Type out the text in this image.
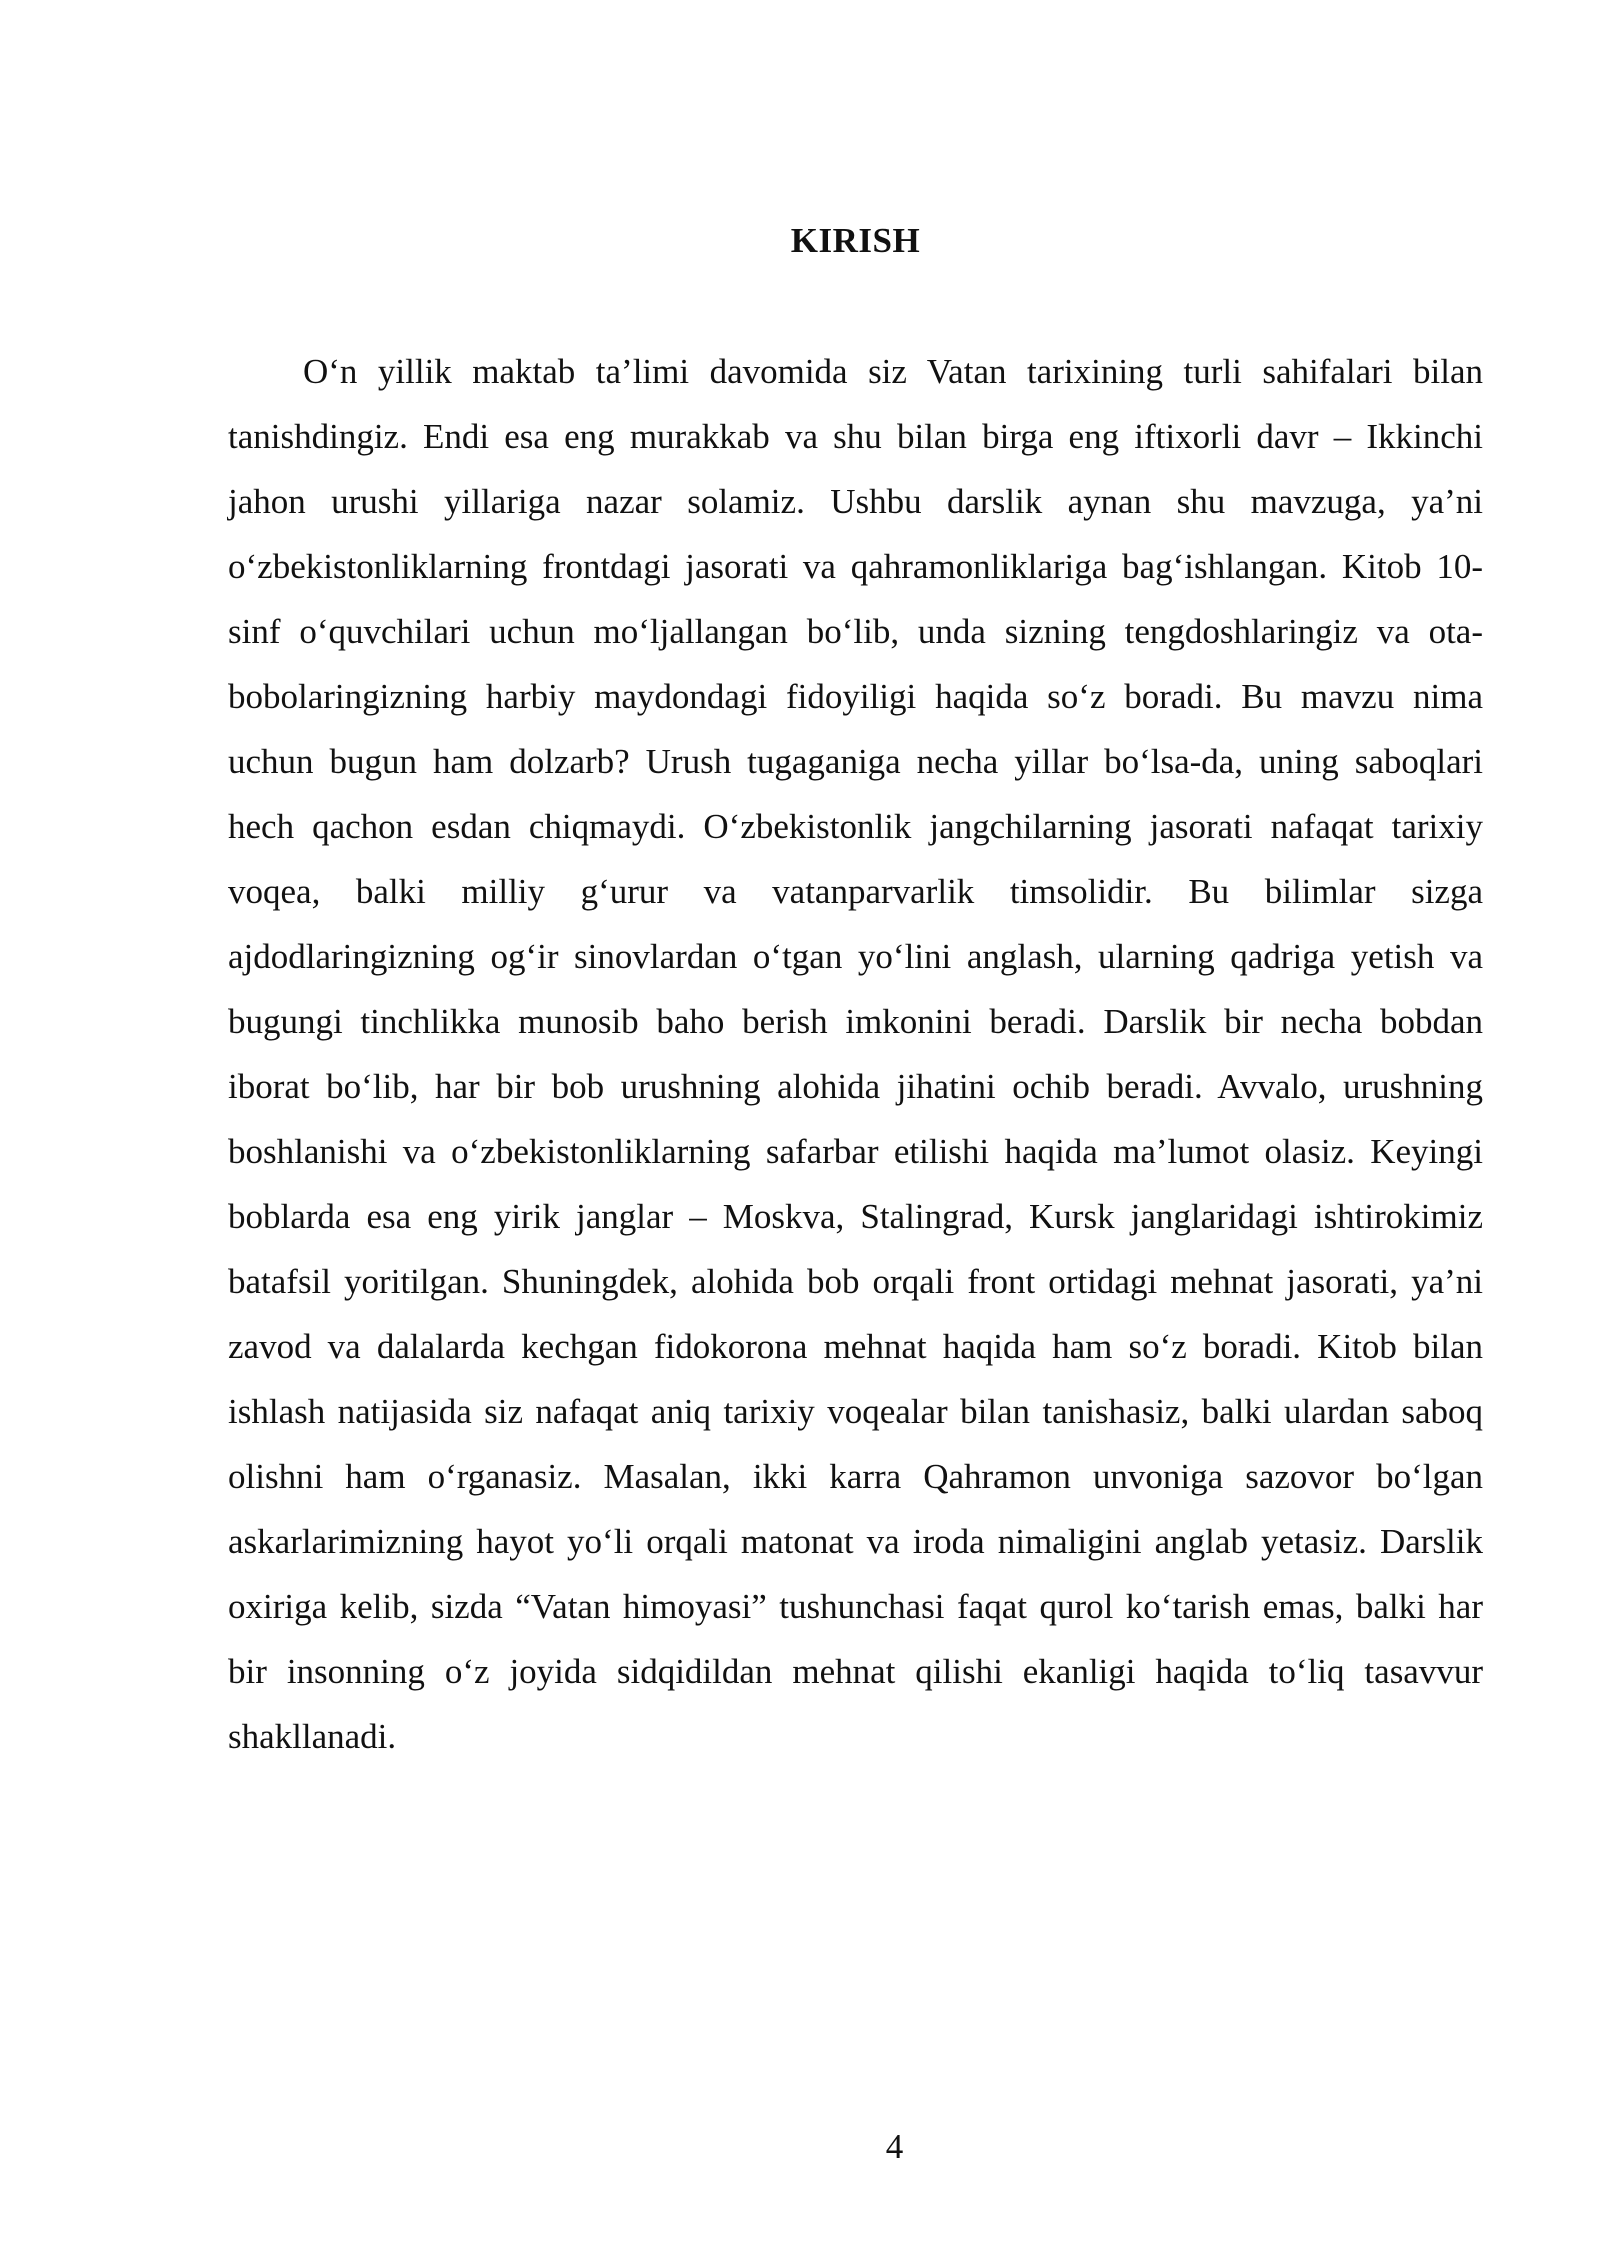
KIRISH

O‘n yillik maktab ta’limi davomida siz Vatan tarixining turli sahifalari bilan tanishdingiz. Endi esa eng murakkab va shu bilan birga eng iftixorli davr – Ikkinchi jahon urushi yillariga nazar solamiz. Ushbu darslik aynan shu mavzuga, ya’ni o‘zbekistonliklarning frontdagi jasorati va qahramonliklariga bag‘ishlangan. Kitob 10-sinf o‘quvchilari uchun mo‘ljallangan bo‘lib, unda sizning tengdoshlaringiz va ota-bobolaringizning harbiy maydondagi fidoyiligi haqida so‘z boradi. Bu mavzu nima uchun bugun ham dolzarb? Urush tugaganiga necha yillar bo‘lsa-da, uning saboqlari hech qachon esdan chiqmaydi. O‘zbekistonlik jangchilarning jasorati nafaqat tarixiy voqea, balki milliy g‘urur va vatanparvarlik timsolidir. Bu bilimlar sizga ajdodlaringizning og‘ir sinovlardan o‘tgan yo‘lini anglash, ularning qadriga yetish va bugungi tinchlikka munosib baho berish imkonini beradi. Darslik bir necha bobdan iborat bo‘lib, har bir bob urushning alohida jihatini ochib beradi. Avvalo, urushning boshlanishi va o‘zbekistonliklarning safarbar etilishi haqida ma’lumot olasiz. Keyingi boblarda esa eng yirik janglar – Moskva, Stalingrad, Kursk janglaridagi ishtirokimiz batafsil yoritilgan. Shuningdek, alohida bob orqali front ortidagi mehnat jasorati, ya’ni zavod va dalalarda kechgan fidokorona mehnat haqida ham so‘z boradi. Kitob bilan ishlash natijasida siz nafaqat aniq tarixiy voqealar bilan tanishasiz, balki ulardan saboq olishni ham o‘rganasiz. Masalan, ikki karra Qahramon unvoniga sazovor bo‘lgan askarlarimizning hayot yo‘li orqali matonat va iroda nimaligini anglab yetasiz. Darslik oxiriga kelib, sizda “Vatan himoyasi” tushunchasi faqat qurol ko‘tarish emas, balki har bir insonning o‘z joyida sidqidildan mehnat qilishi ekanligi haqida to‘liq tasavvur shakllanadi.

4
